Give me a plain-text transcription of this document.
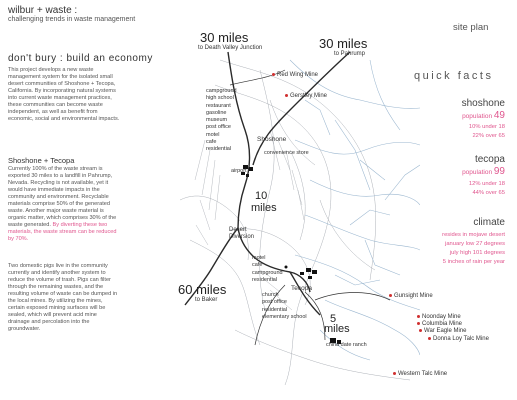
wilbur + waste :
challenging trends in waste management
don't bury : build an economy
This project develops a new waste management system for the isolated small desert communities of Shoshone + Tecopa, California. By incorporating natural systems into current waste management practices, these communities can become waste independent, as well as benefit from economic, social and environmental impacts.
Shoshone + Tecopa
Currently 100% of the waste stream is exported 30 miles to a landfill in Pahrump, Nevada. Recycling is not available, yet it would have immediate impacts in the community and environment. Recyclable materials comprise 50% of the generated waste. Another major waste material is organic matter, which comprises 30% of the waste generated. By diverting these two materials, the waste stream can be reduced by 70%.
Two domestic pigs live in the community currently and identify another system to reduce the volume of trash. Pigs can filter through the remaining wastes, and the resulting volume of waste can be dumped in the local mines. By utilizing the mines, certain exposed mining surfaces will be sealed, which will prevent acid mine drainage and percolation into the groundwater.
30 miles
to Death Valley Junction	30 miles
to Pahrump
campground
high school
restaurant
gasoline
museum
post office
motel
cafe
residential
convenience store
airport
Shoshone
10
miles
Desert Diversion
motel
cafe
campground
residential
church
post office
residential
elementary school
Tecopa
60 miles
to Baker
5
miles
china date ranch
Red Wing Mine
Gerstley Mine
Gunsight Mine
Noonday Mine
Columbia Mine
War Eagle Mine
Donna Loy Talc Mine
Western Talc Mine
site plan
quick facts
shoshone
population 49
10% under 18
22% over 65
tecopa
population 99
12% under 18
44% over 65
climate
resides in mojave desert
january low 27 degrees
july high 101 degrees
5 inches of rain per year
